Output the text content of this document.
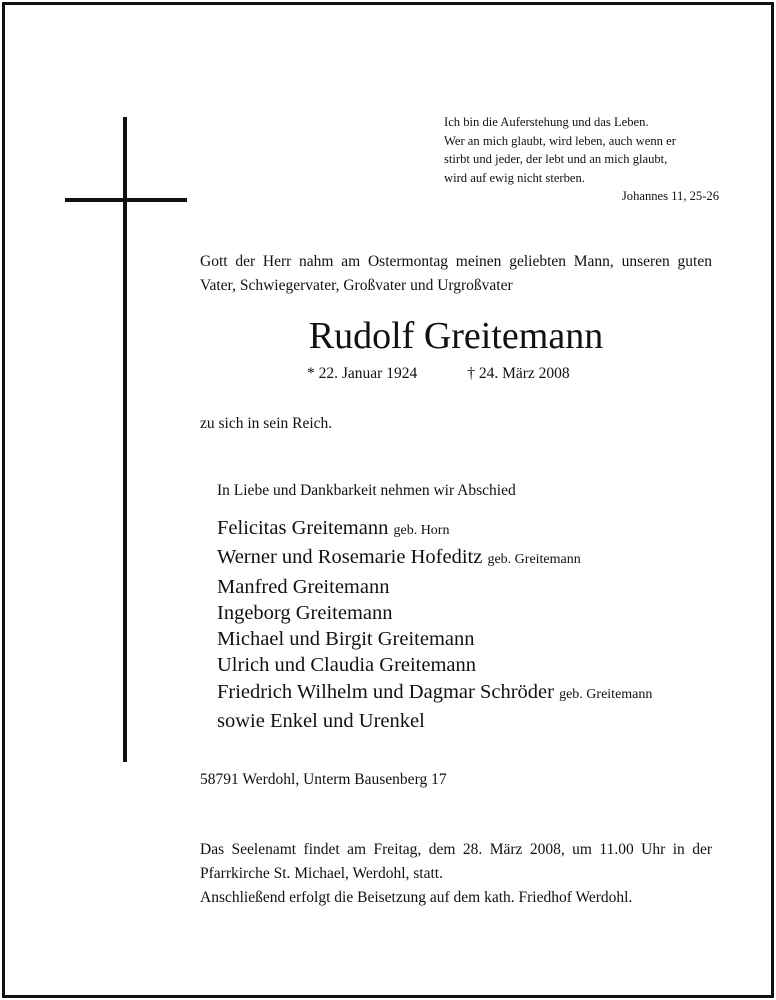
Ich bin die Auferstehung und das Leben.
Wer an mich glaubt, wird leben, auch wenn er
stirbt und jeder, der lebt und an mich glaubt,
wird auf ewig nicht sterben.
Johannes 11, 25-26
Gott der Herr nahm am Ostermontag meinen geliebten Mann, unseren guten Vater, Schwiegervater, Großvater und Urgroßvater
Rudolf Greitemann
* 22. Januar 1924	† 24. März 2008
zu sich in sein Reich.
In Liebe und Dankbarkeit nehmen wir Abschied
Felicitas Greitemann geb. Horn
Werner und Rosemarie Hofeditz geb. Greitemann
Manfred Greitemann
Ingeborg Greitemann
Michael und Birgit Greitemann
Ulrich und Claudia Greitemann
Friedrich Wilhelm und Dagmar Schröder geb. Greitemann
sowie Enkel und Urenkel
58791 Werdohl, Unterm Bausenberg 17
Das Seelenamt findet am Freitag, dem 28. März 2008, um 11.00 Uhr in der Pfarrkirche St. Michael, Werdohl, statt.
Anschließend erfolgt die Beisetzung auf dem kath. Friedhof Werdohl.
